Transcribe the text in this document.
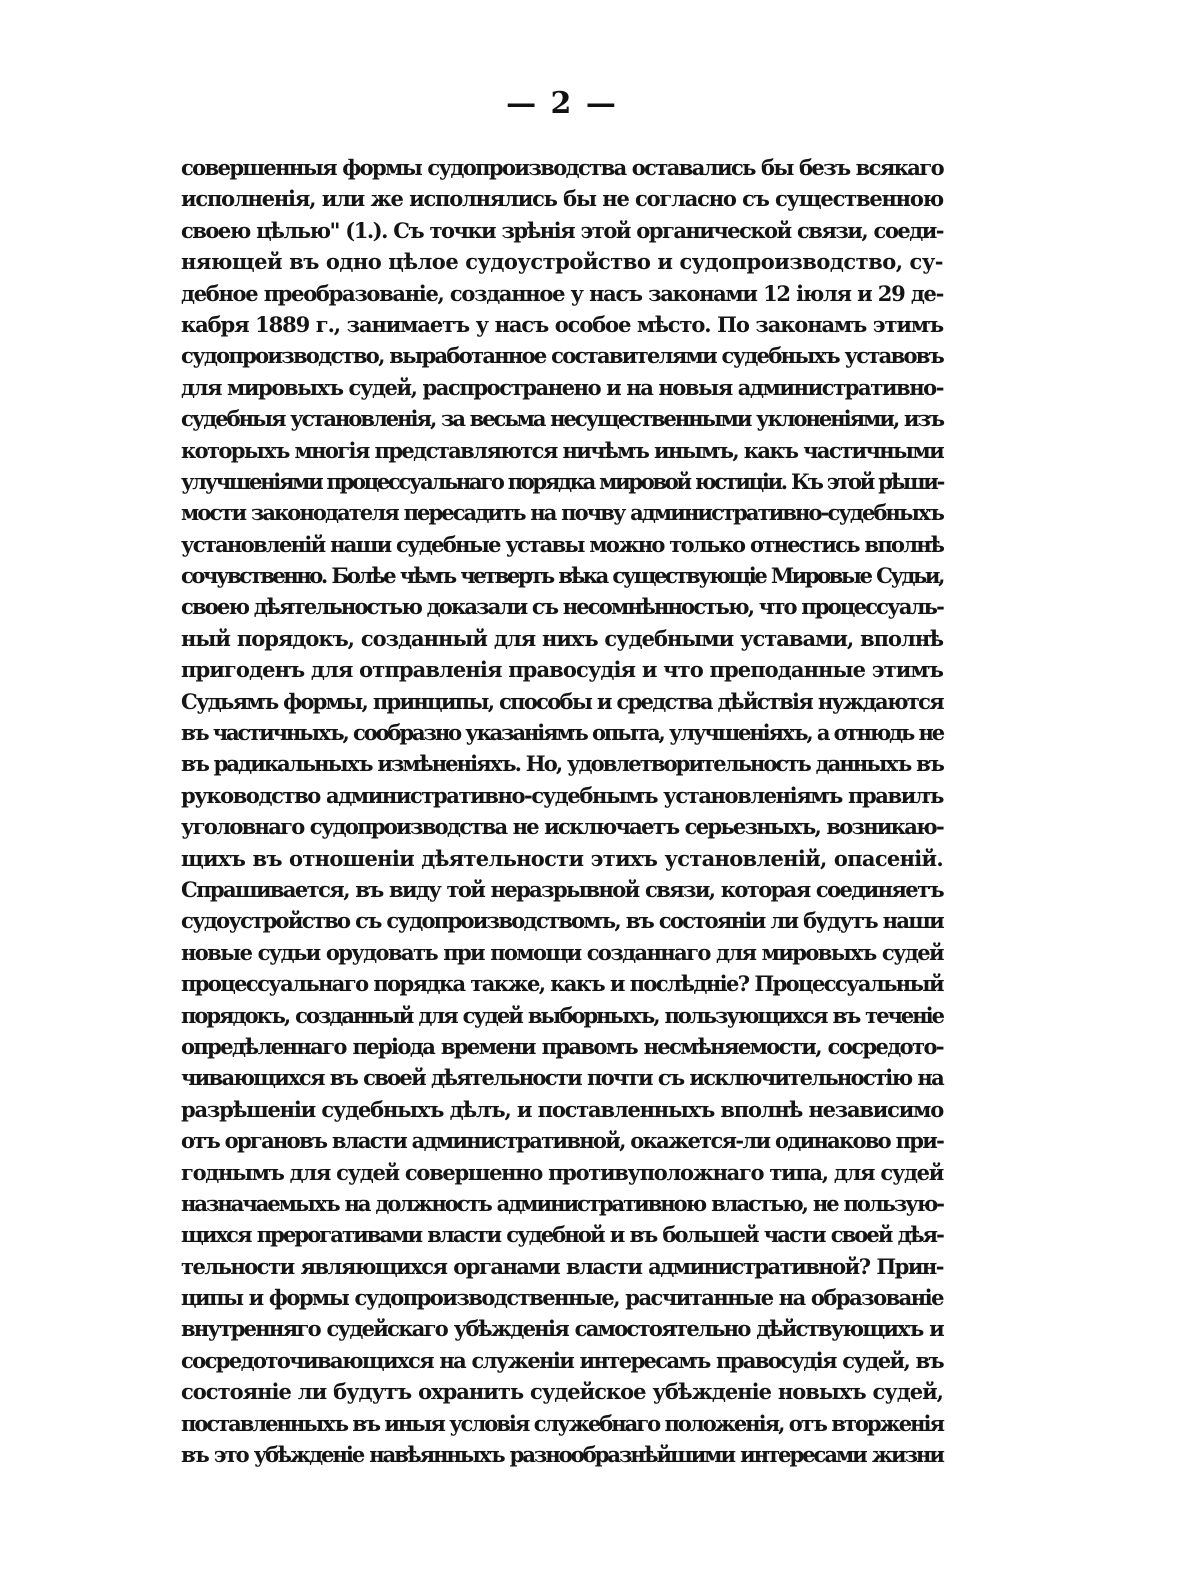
— 2 —
совершенныя формы судопроизводства оставались бы безъ всякаго
исполненія, или же исполнялись бы не согласно съ существенною
своею цѣлью" (1.). Съ точки зрѣнія этой органической связи, соеди-
няющей въ одно цѣлое судоустройство и судопроизводство, су-
дебное преобразованіе, созданное у насъ законами 12 іюля и 29 де-
кабря 1889 г., занимаетъ у насъ особое мѣсто. По законамъ этимъ
судопроизводство, выработанное составителями судебныхъ уставовъ
для мировыхъ судей, распространено и на новыя административно-
судебныя установленія, за весьма несущественными уклоненіями, изъ
которыхъ многія представляются ничѣмъ инымъ, какъ частичными
улучшеніями процессуальнаго порядка мировой юстиціи. Къ этой рѣши-
мости законодателя пересадить на почву административно-судебныхъ
установленій наши судебные уставы можно только отнестись вполнѣ
сочувственно. Болѣе чѣмъ четверть вѣка существующіе Мировые Судьи,
своею дѣятельностью доказали съ несомнѣнностью, что процессуаль-
ный порядокъ, созданный для нихъ судебными уставами, вполнѣ
пригоденъ для отправленія правосудія и что преподанные этимъ
Судьямъ формы, принципы, способы и средства дѣйствія нуждаются
въ частичныхъ, сообразно указаніямъ опыта, улучшеніяхъ, а отнюдь не
въ радикальныхъ измѣненіяхъ. Но, удовлетворительность данныхъ въ
руководство административно-судебнымъ установленіямъ правилъ
уголовнаго судопроизводства не исключаетъ серьезныхъ, возникаю-
щихъ въ отношеніи дѣятельности этихъ установленій, опасеній.
Спрашивается, въ виду той неразрывной связи, которая соединяетъ
судоустройство съ судопроизводствомъ, въ состояніи ли будутъ наши
новые судьи орудовать при помощи созданнаго для мировыхъ судей
процессуальнаго порядка также, какъ и послѣдніе? Процессуальный
порядокъ, созданный для судей выборныхъ, пользующихся въ теченіе
опредѣленнаго періода времени правомъ несмѣняемости, сосредото-
чивающихся въ своей дѣятельности почти съ исключительностію на
разрѣшеніи судебныхъ дѣлъ, и поставленныхъ вполнѣ независимо
отъ органовъ власти административной, окажется-ли одинаково при-
годнымъ для судей совершенно противуположнаго типа, для судей
назначаемыхъ на должность административною властью, не пользую-
щихся прерогативами власти судебной и въ большей части своей дѣя-
тельности являющихся органами власти административной? Прин-
ципы и формы судопроизводственные, расчитанные на образованіе
внутренняго судейскаго убѣжденія самостоятельно дѣйствующихъ и
сосредоточивающихся на служеніи интересамъ правосудія судей, въ
состояніе ли будутъ охранить судейское убѣжденіе новыхъ судей,
поставленныхъ въ иныя условія служебнаго положенія, отъ вторженія
въ это убѣжденіе навѣянныхъ разнообразнѣйшими интересами жизни
